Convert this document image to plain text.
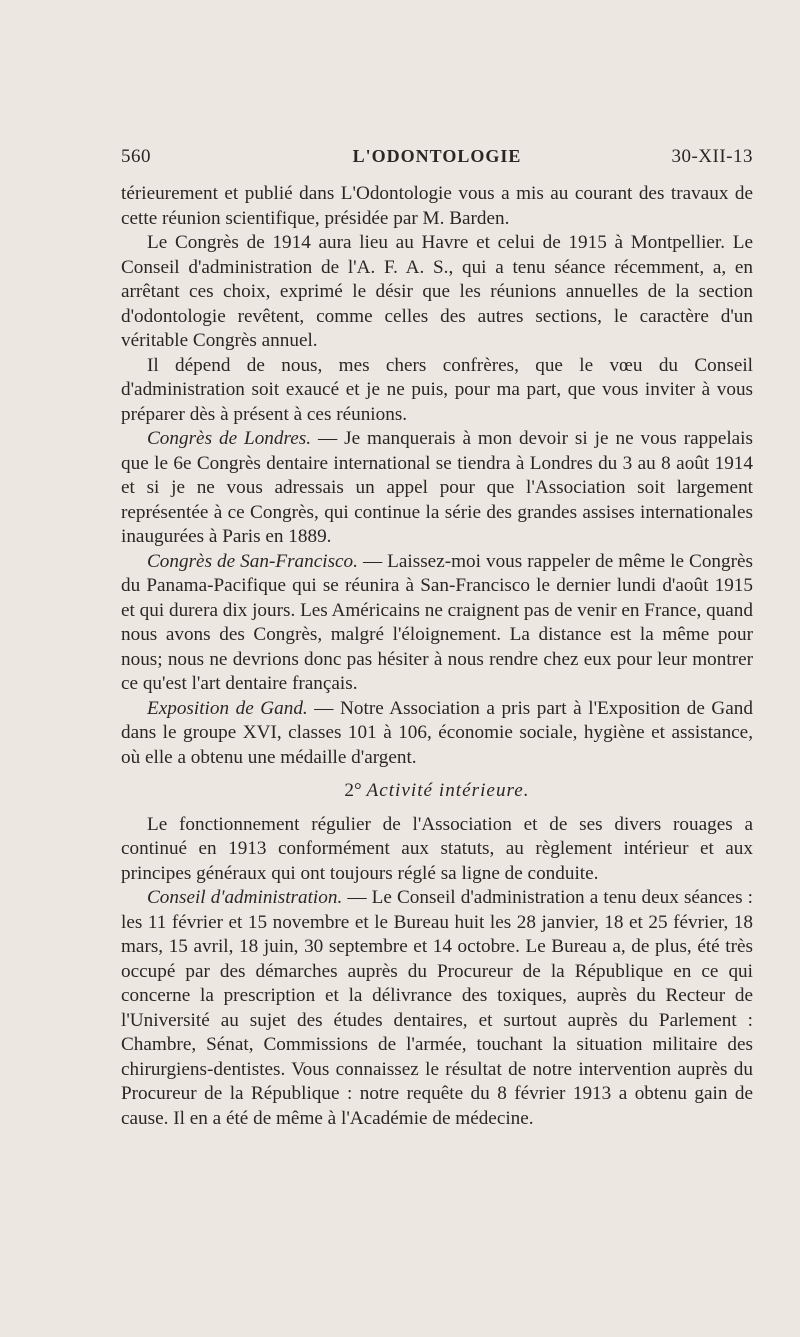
560	L'ODONTOLOGIE	30-XII-13

térieurement et publié dans L'Odontologie vous a mis au courant des travaux de cette réunion scientifique, présidée par M. Barden.

Le Congrès de 1914 aura lieu au Havre et celui de 1915 à Montpellier. Le Conseil d'administration de l'A. F. A. S., qui a tenu séance récemment, a, en arrêtant ces choix, exprimé le désir que les réunions annuelles de la section d'odontologie revêtent, comme celles des autres sections, le caractère d'un véritable Congrès annuel.

Il dépend de nous, mes chers confrères, que le vœu du Conseil d'administration soit exaucé et je ne puis, pour ma part, que vous inviter à vous préparer dès à présent à ces réunions.

Congrès de Londres. — Je manquerais à mon devoir si je ne vous rappelais que le 6e Congrès dentaire international se tiendra à Londres du 3 au 8 août 1914 et si je ne vous adressais un appel pour que l'Association soit largement représentée à ce Congrès, qui continue la série des grandes assises internationales inaugurées à Paris en 1889.

Congrès de San-Francisco. — Laissez-moi vous rappeler de même le Congrès du Panama-Pacifique qui se réunira à San-Francisco le dernier lundi d'août 1915 et qui durera dix jours. Les Américains ne craignent pas de venir en France, quand nous avons des Congrès, malgré l'éloignement. La distance est la même pour nous; nous ne devrions donc pas hésiter à nous rendre chez eux pour leur montrer ce qu'est l'art dentaire français.

Exposition de Gand. — Notre Association a pris part à l'Exposition de Gand dans le groupe XVI, classes 101 à 106, économie sociale, hygiène et assistance, où elle a obtenu une médaille d'argent.

2° Activité intérieure.

Le fonctionnement régulier de l'Association et de ses divers rouages a continué en 1913 conformément aux statuts, au règlement intérieur et aux principes généraux qui ont toujours réglé sa ligne de conduite.

Conseil d'administration. — Le Conseil d'administration a tenu deux séances : les 11 février et 15 novembre et le Bureau huit les 28 janvier, 18 et 25 février, 18 mars, 15 avril, 18 juin, 30 septembre et 14 octobre. Le Bureau a, de plus, été très occupé par des démarches auprès du Procureur de la République en ce qui concerne la prescription et la délivrance des toxiques, auprès du Recteur de l'Université au sujet des études dentaires, et surtout auprès du Parlement : Chambre, Sénat, Commissions de l'armée, touchant la situation militaire des chirurgiens-dentistes. Vous connaissez le résultat de notre intervention auprès du Procureur de la République : notre requête du 8 février 1913 a obtenu gain de cause. Il en a été de même à l'Académie de médecine.
